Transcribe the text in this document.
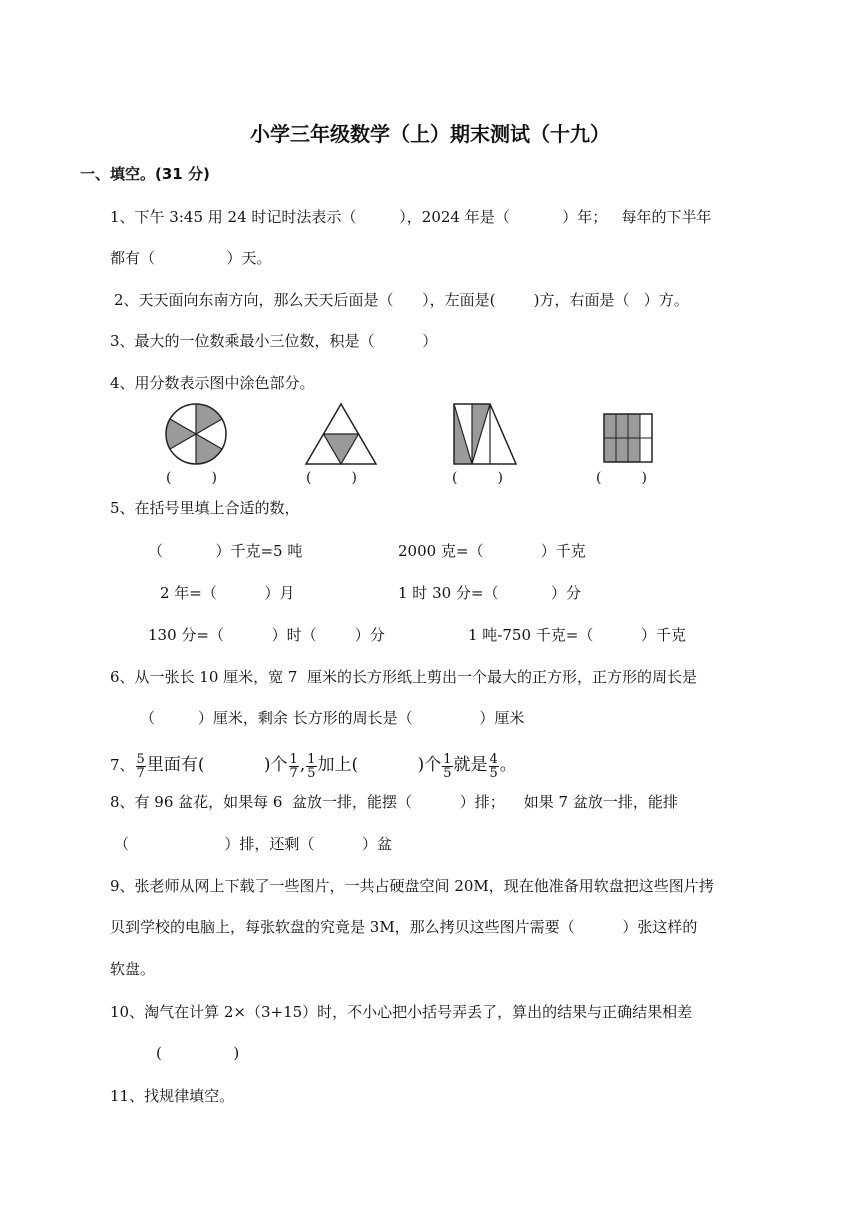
小学三年级数学（上）期末测试（十九）
一、填空。(31 分)
1、下午 3:45 用 24 时记时法表示（         ），2024 年是（           ）年；   每年的下半年
都有（               ）天。
2、天天面向东南方向，那么天天后面是（      ），左面是(        )方，右面是（   ）方。
3、最大的一位数乘最小三位数，积是（          ）
4、用分数表示图中涂色部分。
(         )	(         )	(         )	(         )
5、在括号里填上合适的数，
（           ）千克=5 吨	2000 克=（            ）千克
2 年=（          ）月	1 时 30 分=（           ）分
130 分=（          ）时（        ）分	1 吨-750 千克=（          ）千克
6、从一张长 10 厘米，宽 7  厘米的长方形纸上剪出一个最大的正方形，正方形的周长是
（         ）厘米，剩余 长方形的周长是（              ）厘米
7、 $\frac{5}{7}$ 里面有(           )个 $\frac{1}{7}$ , $\frac{1}{5}$ 加上(           )个 $\frac{1}{5}$ 就是 $\frac{4}{5}$ 。
8、有 96 盆花，如果每 6  盆放一排，能摆（          ）排；    如果 7 盆放一排，能排
（                    ）排，还剩（          ）盆
9、张老师从网上下载了一些图片，一共占硬盘空间 20M，现在他准备用软盘把这些图片拷
贝到学校的电脑上，每张软盘的究竟是 3M，那么拷贝这些图片需要（          ）张这样的
软盘。
10、淘气在计算 2×（3+15）时，不小心把小括号弄丢了，算出的结果与正确结果相差
(               )
11、找规律填空。
